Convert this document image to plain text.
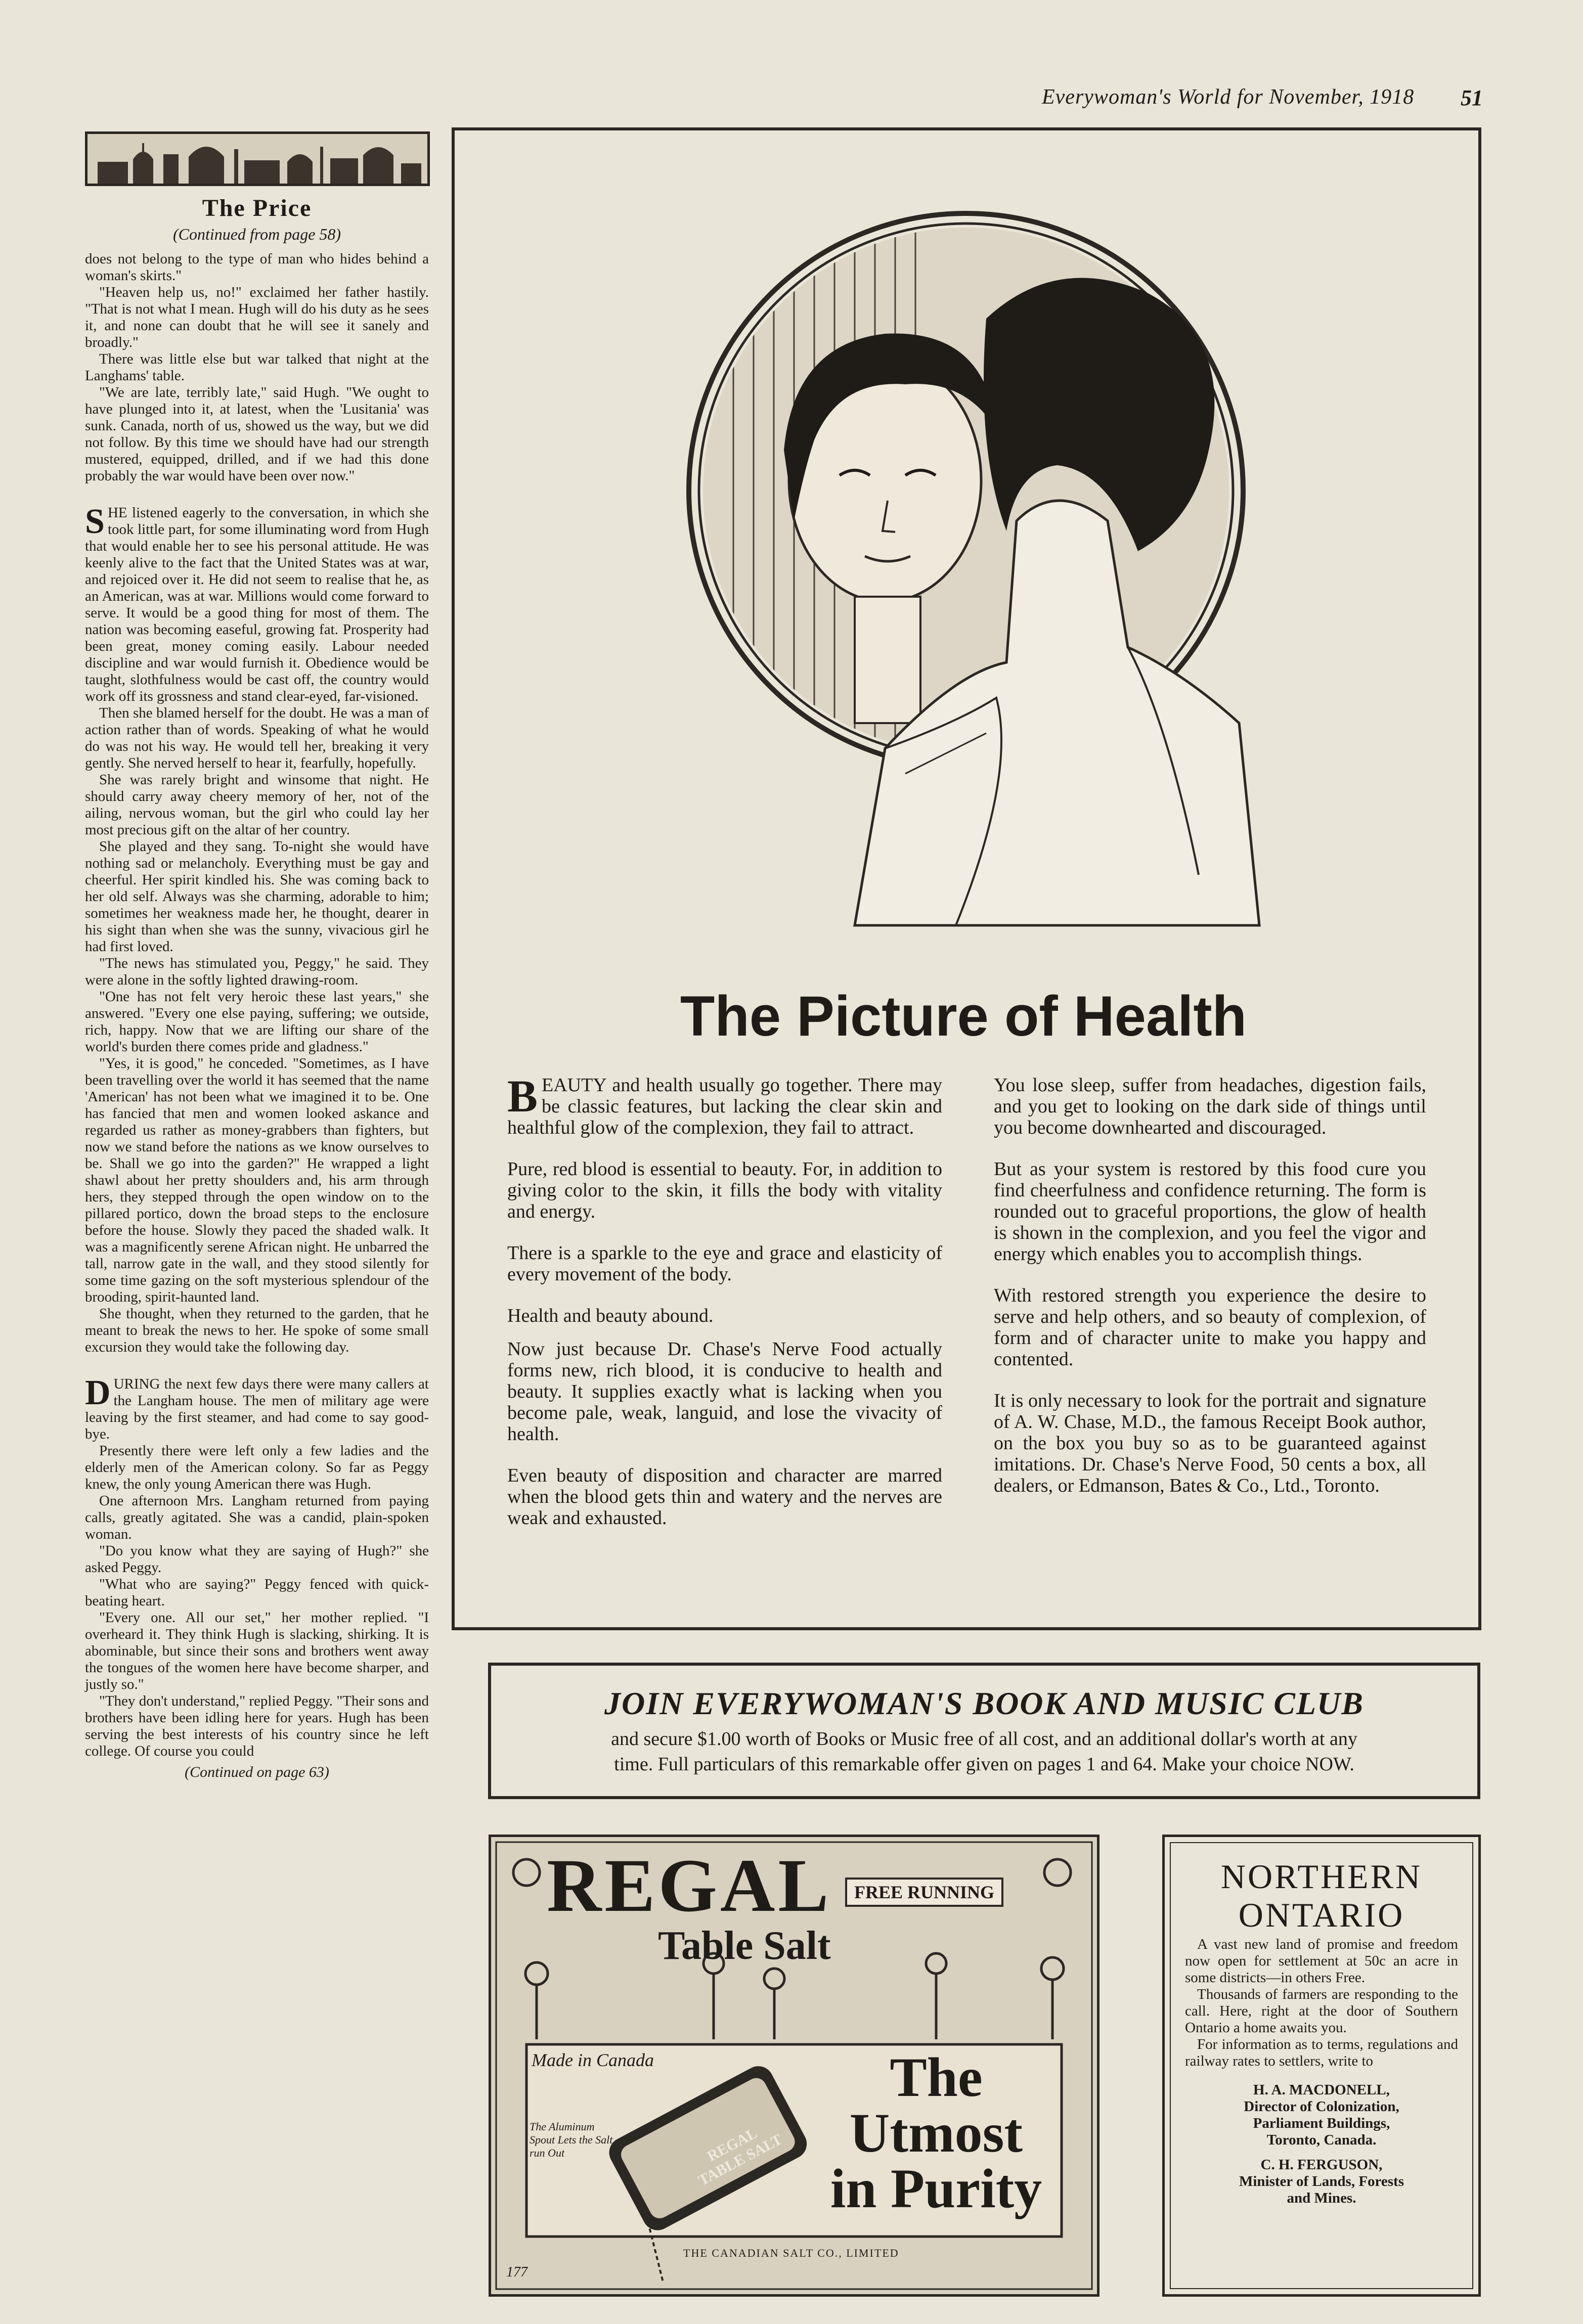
Everywoman's World for November, 1918 51
The Price
(Continued from page 58)

does not belong to the type of man who hides behind a woman's skirts."

"Heaven help us, no!" exclaimed her father hastily. "That is not what I mean. Hugh will do his duty as he sees it, and none can doubt that he will see it sanely and broadly."

There was little else but war talked that night at the Langhams' table.

"We are late, terribly late," said Hugh. "We ought to have plunged into it, at latest, when the 'Lusitania' was sunk. Canada, north of us, showed us the way, but we did not follow. By this time we should have had our strength mustered, equipped, drilled, and if we had this done probably the war would have been over now."

SHE listened eagerly to the conversation, in which she took little part, for some illuminating word from Hugh that would enable her to see his personal attitude. He was keenly alive to the fact that the United States was at war, and rejoiced over it. He did not seem to realise that he, as an American, was at war. Millions would come forward to serve. It would be a good thing for most of them. The nation was becoming easeful, growing fat. Prosperity had been great, money coming easily. Labour needed discipline and war would furnish it. Obedience would be taught, slothfulness would be cast off, the country would work off its grossness and stand clear-eyed, far-visioned.

Then she blamed herself for the doubt. He was a man of action rather than of words. Speaking of what he would do was not his way. He would tell her, breaking it very gently. She nerved herself to hear it, fearfully, hopefully.

She was rarely bright and winsome that night. He should carry away cheery memory of her, not of the ailing, nervous woman, but the girl who could lay her most precious gift on the altar of her country.

She played and they sang. To-night she would have nothing sad or melancholy. Everything must be gay and cheerful. Her spirit kindled his. She was coming back to her old self. Always was she charming, adorable to him; sometimes her weakness made her, he thought, dearer in his sight than when she was the sunny, vivacious girl he had first loved.

"The news has stimulated you, Peggy," he said. They were alone in the softly lighted drawing-room.

"One has not felt very heroic these last years," she answered. "Every one else paying, suffering; we outside, rich, happy. Now that we are lifting our share of the world's burden there comes pride and gladness."

"Yes, it is good," he conceded. "Sometimes, as I have been travelling over the world it has seemed that the name 'American' has not been what we imagined it to be. One has fancied that men and women looked askance and regarded us rather as money-grabbers than fighters, but now we stand before the nations as we know ourselves to be. Shall we go into the garden?" He wrapped a light shawl about her pretty shoulders and, his arm through hers, they stepped through the open window on to the pillared portico, down the broad steps to the enclosure before the house. Slowly they paced the shaded walk. It was a magnificently serene African night. He unbarred the tall, narrow gate in the wall, and they stood silently for some time gazing on the soft mysterious splendour of the brooding, spirit-haunted land.

She thought, when they returned to the garden, that he meant to break the news to her. He spoke of some small excursion they would take the following day.

DURING the next few days there were many callers at the Langham house. The men of military age were leaving by the first steamer, and had come to say good-bye.

Presently there were left only a few ladies and the elderly men of the American colony. So far as Peggy knew, the only young American there was Hugh.

One afternoon Mrs. Langham returned from paying calls, greatly agitated. She was a candid, plain-spoken woman.

"Do you know what they are saying of Hugh?" she asked Peggy.

"What who are saying?" Peggy fenced with quick-beating heart.

"Every one. All our set," her mother replied. "I overheard it. They think Hugh is slacking, shirking. It is abominable, but since their sons and brothers went away the tongues of the women here have become sharper, and justly so."

"They don't understand," replied Peggy. "Their sons and brothers have been idling here for years. Hugh has been serving the best interests of his country since he left college. Of course you could

(Continued on page 63)
The Picture of Health

BEAUTY and health usually go together. There may be classic features, but lacking the clear skin and healthful glow of the complexion, they fail to attract.

Pure, red blood is essential to beauty. For, in addition to giving color to the skin, it fills the body with vitality and energy.

There is a sparkle to the eye and grace and elasticity of every movement of the body.

Health and beauty abound.

Now just because Dr. Chase's Nerve Food actually forms new, rich blood, it is conducive to health and beauty. It supplies exactly what is lacking when you become pale, weak, languid, and lose the vivacity of health.

Even beauty of disposition and character are marred when the blood gets thin and watery and the nerves are weak and exhausted.

You lose sleep, suffer from headaches, digestion fails, and you get to looking on the dark side of things until you become downhearted and discouraged.

But as your system is restored by this food cure you find cheerfulness and confidence returning. The form is rounded out to graceful proportions, the glow of health is shown in the complexion, and you feel the vigor and energy which enables you to accomplish things.

With restored strength you experience the desire to serve and help others, and so beauty of complexion, of form and of character unite to make you happy and contented.

It is only necessary to look for the portrait and signature of A. W. Chase, M.D., the famous Receipt Book author, on the box you buy so as to be guaranteed against imitations. Dr. Chase's Nerve Food, 50 cents a box, all dealers, or Edmanson, Bates & Co., Ltd., Toronto.

JOIN EVERYWOMAN'S BOOK AND MUSIC CLUB
and secure $1.00 worth of Books or Music free of all cost, and an additional dollar's worth at any
time. Full particulars of this remarkable offer given on pages 1 and 64. Make your choice NOW.
REGAL	FREE RUNNING
Table Salt
Made in Canada
REGAL TABLE SALT
The
Utmost
in Purity
The Aluminum Spout Lets the Salt run Out
THE CANADIAN SALT CO., LIMITED
177
NORTHERN
ONTARIO

A vast new land of promise and freedom now open for settlement at 50c an acre in some districts—in others Free.

Thousands of farmers are responding to the call. Here, right at the door of Southern Ontario a home awaits you.

For information as to terms, regulations and railway rates to settlers, write to

H. A. MACDONELL,
Director of Colonization,
Parliament Buildings,
Toronto, Canada.
C. H. FERGUSON,
Minister of Lands, Forests
and Mines.
